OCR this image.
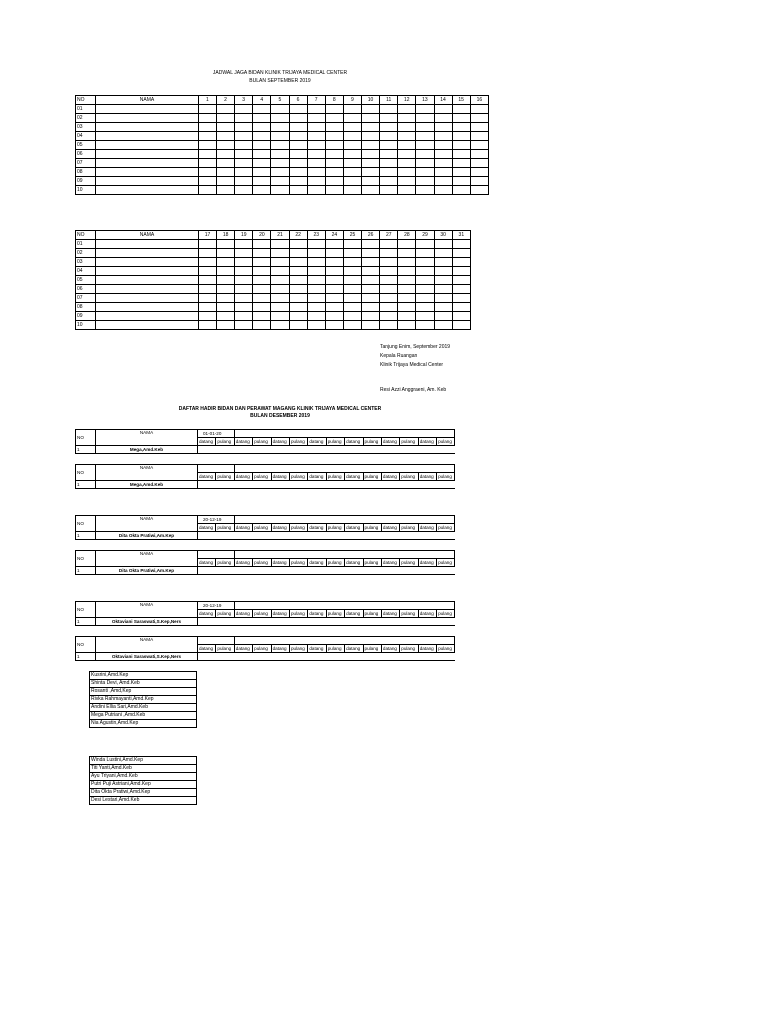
JADWAL JAGA BIDAN KLINIK TRIJAYA MEDICAL CENTER
BULAN SEPTEMBER 2019
NO	NAMA	1	2	3	4	5	6	7	8	9	10	11	12	13	14	15	16
01																	
02																	
03																	
04																	
05																	
06																	
07																	
08																	
09																	
10																	
NO	NAMA	17	18	19	20	21	22	23	24	25	26	27	28	29	30	31
01																
02																
03																
04																
05																
06																
07																
08																
09																
10																
Tanjung Enim, September 2019
Kepala Ruangan
Klinik Trijaya Medical Center
Resi Azzi Anggraeni, Am. Keb
DAFTAR HADIR BIDAN DAN PERAWAT MAGANG KLINIK TRIJAYA MEDICAL CENTER
BULAN DESEMBER 2019
NO	NAMA	01-01-20													
		datang	pulang	datang	pulang	datang	pulang	datang	pulang	datang	pulang	datang	pulang	datang	pulang
1	Mega,Amd.Keb														
NO	NAMA														
		datang	pulang	datang	pulang	datang	pulang	datang	pulang	datang	pulang	datang	pulang	datang	pulang
1	Mega,Amd.Keb														
NO	NAMA	20-12-19													
		datang	pulang	datang	pulang	datang	pulang	datang	pulang	datang	pulang	datang	pulang	datang	pulang
1	Dita Okta Pratiwi,Am.Kep														
NO	NAMA														
		datang	pulang	datang	pulang	datang	pulang	datang	pulang	datang	pulang	datang	pulang	datang	pulang
1	Dita Okta Pratiwi,Am.Kep														
NO	NAMA	20-12-19													
		datang	pulang	datang	pulang	datang	pulang	datang	pulang	datang	pulang	datang	pulang	datang	pulang
1	Oktaviani Saraswati,S.Kep,Ners														
NO	NAMA														
		datang	pulang	datang	pulang	datang	pulang	datang	pulang	datang	pulang	datang	pulang	datang	pulang
1	Oktaviani Saraswati,S.Kep,Ners														
Kusrini,Amd.Kep
Shinta Devi, Amd.Keb
Rosanti ,Amd,Kep
Rivka Rahmayanti,Amd.Kep
Andini Ellia Sari,Amd.Keb
Mega Putriani ,Amd.Keb
Nia Agustin,Amd.Kep
Winda Lustini,Amd.Kep
Titi Yanti,Amd.Keb
Ayu Triyani,Amd.Keb
Putri Puji Astriani,Amd.Kep
Dita Okta Pratiwi,Amd.Kep
Desi Lestari,Amd.Keb
